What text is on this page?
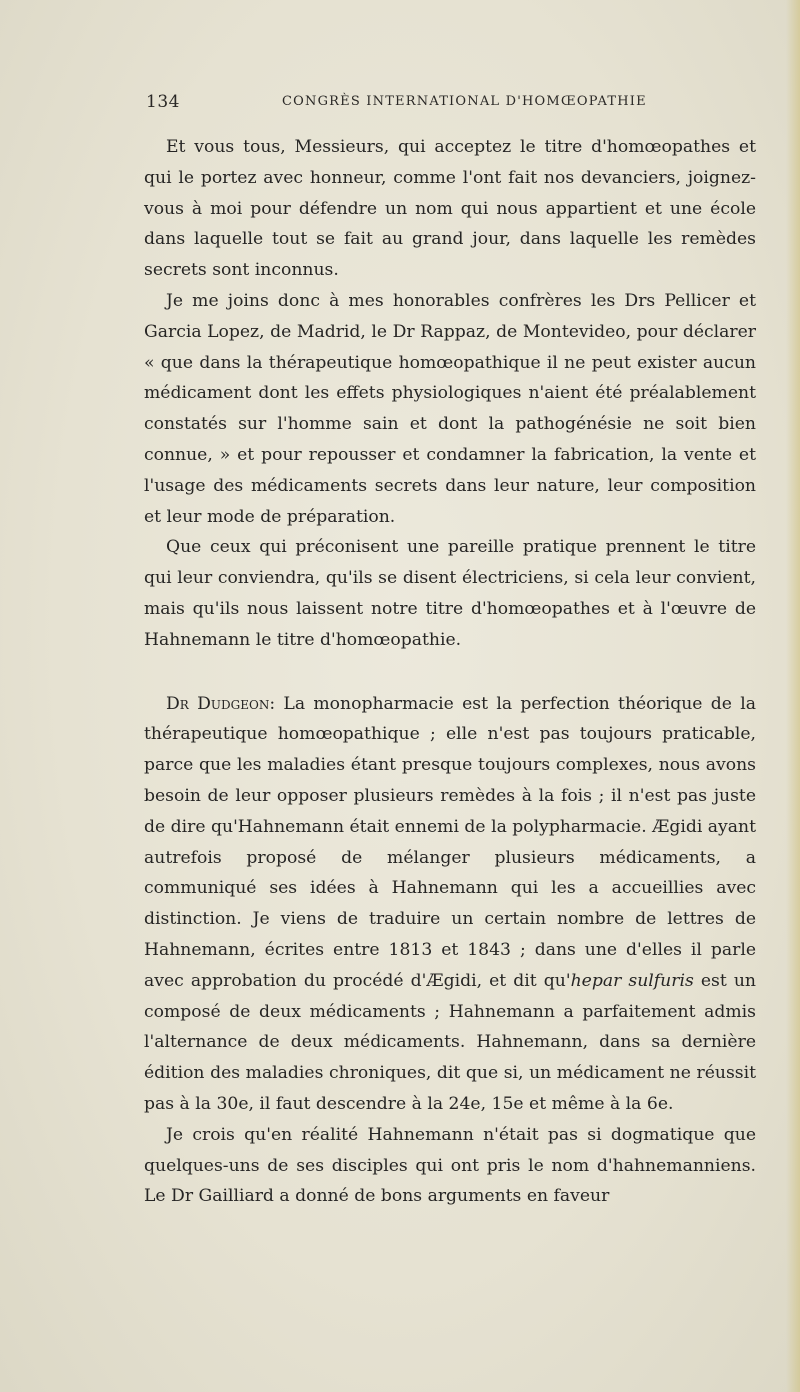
134	CONGRÈS INTERNATIONAL D'HOMŒOPATHIE

Et vous tous, Messieurs, qui acceptez le titre d'homœopathes et qui le portez avec honneur, comme l'ont fait nos devanciers, joignez-vous à moi pour défendre un nom qui nous appartient et une école dans laquelle tout se fait au grand jour, dans laquelle les remèdes secrets sont inconnus.

Je me joins donc à mes honorables confrères les Drs Pellicer et Garcia Lopez, de Madrid, le Dr Rappaz, de Montevideo, pour déclarer « que dans la thérapeutique homœopathique il ne peut exister aucun médicament dont les effets physiologiques n'aient été préalablement constatés sur l'homme sain et dont la pathogénésie ne soit bien connue, » et pour repousser et condamner la fabrication, la vente et l'usage des médicaments secrets dans leur nature, leur composition et leur mode de préparation.

Que ceux qui préconisent une pareille pratique prennent le titre qui leur conviendra, qu'ils se disent électriciens, si cela leur convient, mais qu'ils nous laissent notre titre d'homœopathes et à l'œuvre de Hahnemann le titre d'homœopathie.

Dr Dudgeon: La monopharmacie est la perfection théorique de la thérapeutique homœopathique ; elle n'est pas toujours praticable, parce que les maladies étant presque toujours complexes, nous avons besoin de leur opposer plusieurs remèdes à la fois ; il n'est pas juste de dire qu'Hahnemann était ennemi de la polypharmacie. Ægidi ayant autrefois proposé de mélanger plusieurs médicaments, a communiqué ses idées à Hahnemann qui les a accueillies avec distinction. Je viens de traduire un certain nombre de lettres de Hahnemann, écrites entre 1813 et 1843 ; dans une d'elles il parle avec approbation du procédé d'Ægidi, et dit qu'hepar sulfuris est un composé de deux médicaments ; Hahnemann a parfaitement admis l'alternance de deux médicaments. Hahnemann, dans sa dernière édition des maladies chroniques, dit que si, un médicament ne réussit pas à la 30e, il faut descendre à la 24e, 15e et même à la 6e.

Je crois qu'en réalité Hahnemann n'était pas si dogmatique que quelques-uns de ses disciples qui ont pris le nom d'hahnemanniens. Le Dr Gailliard a donné de bons arguments en faveur
